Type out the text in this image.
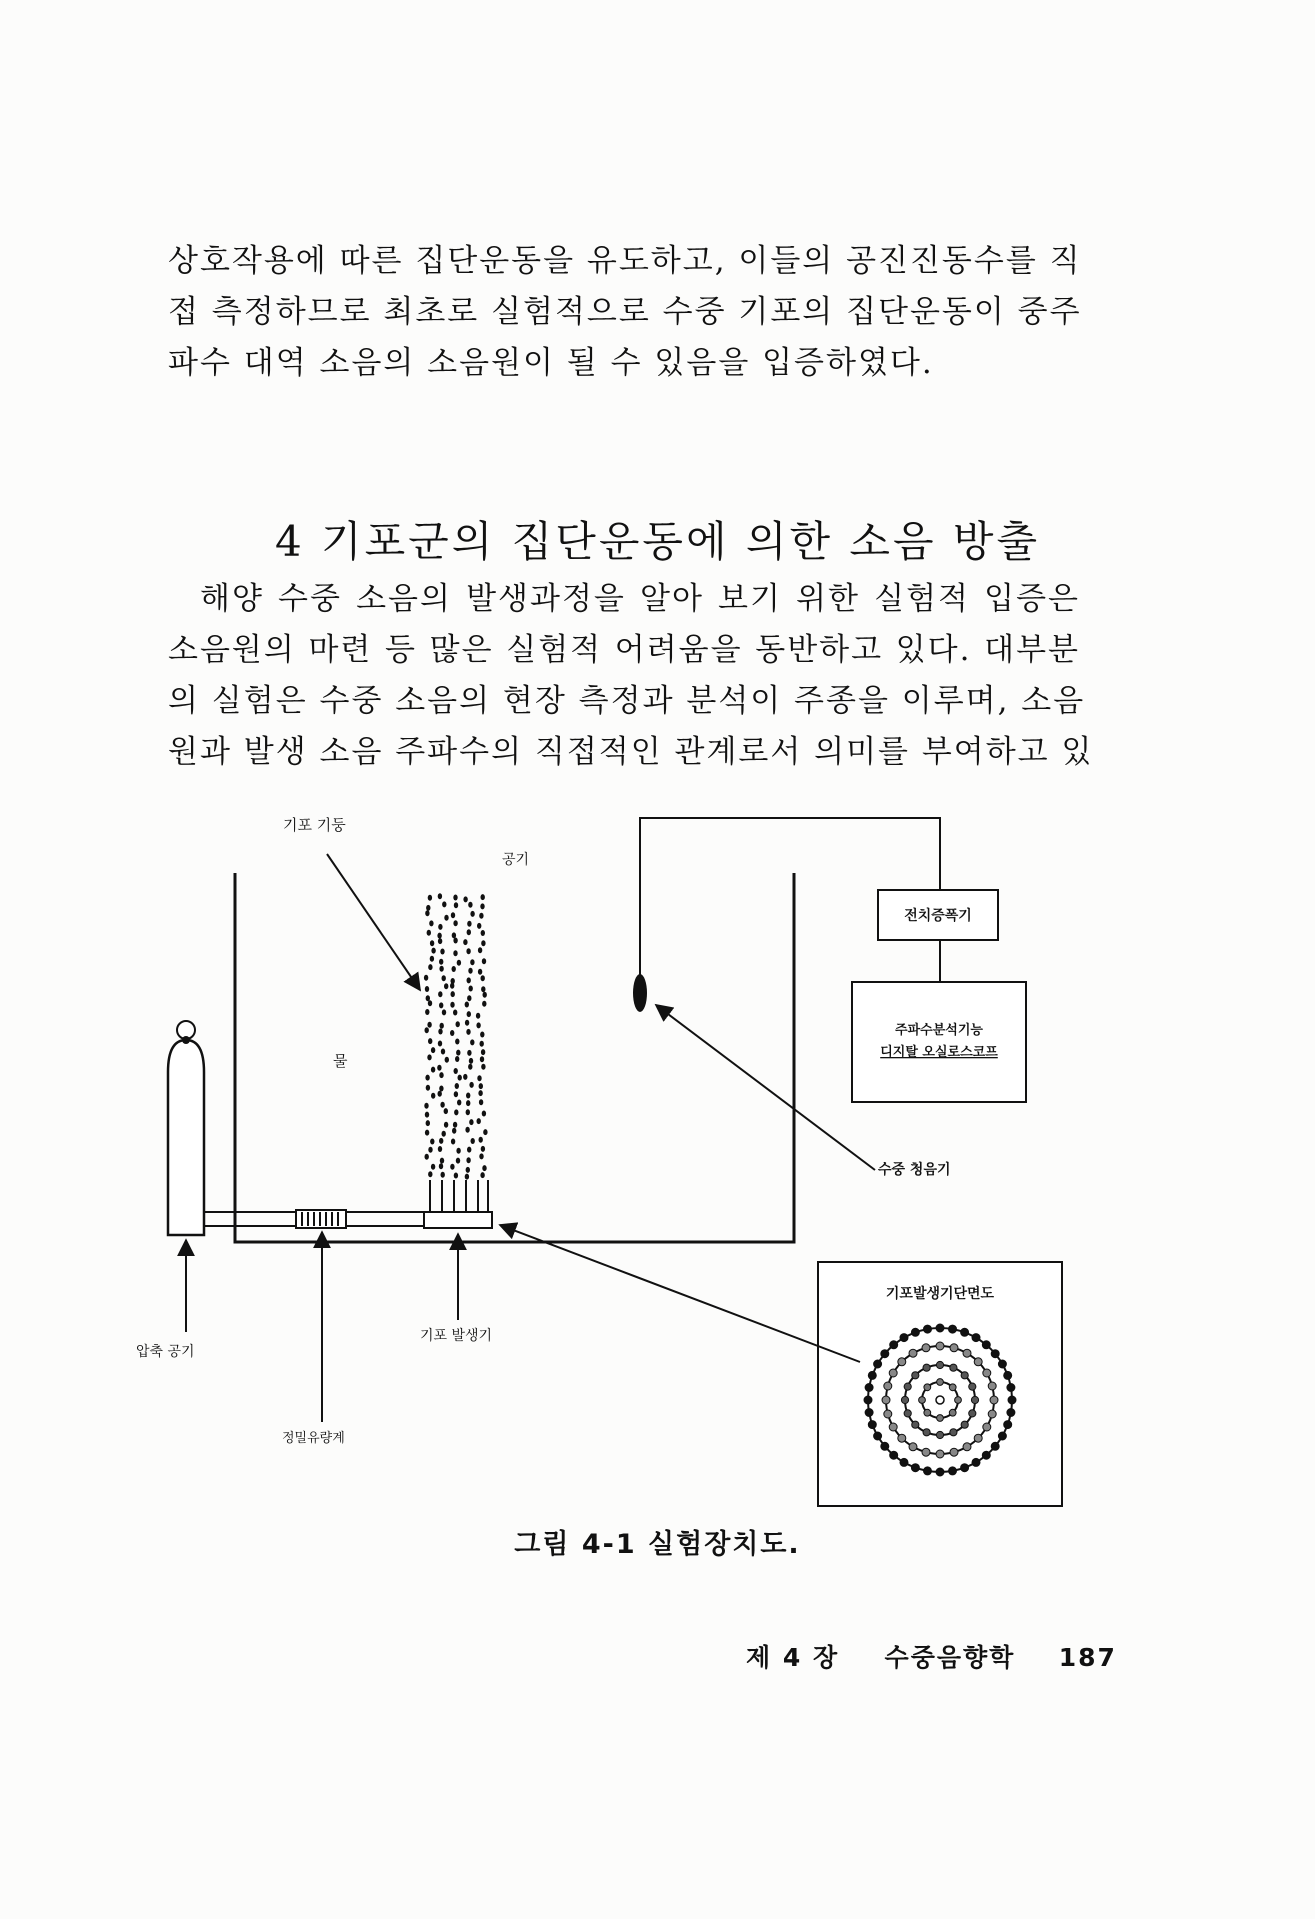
상호작용에 따른 집단운동을 유도하고, 이들의 공진진동수를 직
접 측정하므로 최초로 실험적으로 수중 기포의 집단운동이 중주
파수 대역 소음의 소음원이 될 수 있음을 입증하였다.
4 기포군의 집단운동에 의한 소음 방출
해양 수중 소음의 발생과정을 알아 보기 위한 실험적 입증은
소음원의 마련 등 많은 실험적 어려움을 동반하고 있다. 대부분
의 실험은 수중 소음의 현장 측정과 분석이 주종을 이루며, 소음
원과 발생 소음 주파수의 직접적인 관계로서 의미를 부여하고 있
기포 기둥
공기
물
전치증폭기
주파수분석기능
디지탈 오실로스코프
수중 청음기
압축 공기
기포 발생기
정밀유량계
기포발생기단면도
그림 4-1 실험장치도.
제 4 장 수중음향학 187
